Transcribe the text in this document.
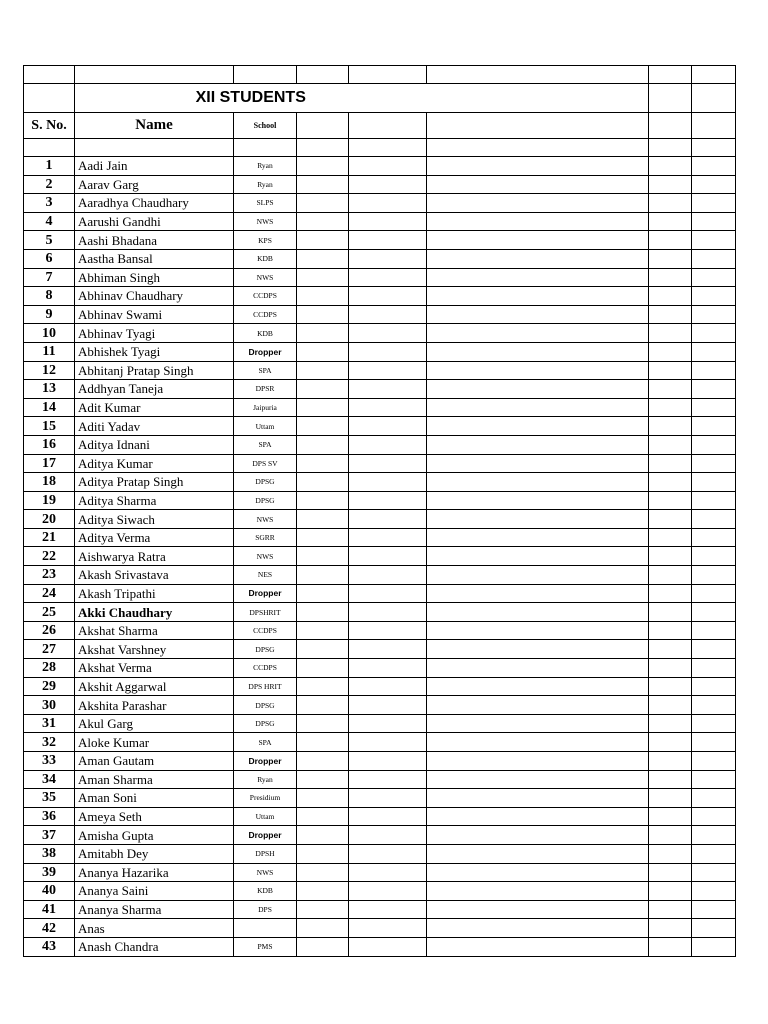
	XII STUDENTS						
S. No.	Name	School					

1	Aadi Jain	Ryan					
2	Aarav Garg	Ryan					
3	Aaradhya Chaudhary	SLPS					
4	Aarushi Gandhi	NWS					
5	Aashi Bhadana	KPS					
6	Aastha Bansal	KDB					
7	Abhiman Singh	NWS					
8	Abhinav Chaudhary	CCDPS					
9	Abhinav Swami	CCDPS					
10	Abhinav Tyagi	KDB					
11	Abhishek Tyagi	Dropper					
12	Abhitanj Pratap Singh	SPA					
13	Addhyan Taneja	DPSR					
14	Adit Kumar	Jaipuria					
15	Aditi Yadav	Uttam					
16	Aditya Idnani	SPA					
17	Aditya Kumar	DPS SV					
18	Aditya Pratap Singh	DPSG					
19	Aditya Sharma	DPSG					
20	Aditya Siwach	NWS					
21	Aditya Verma	SGRR					
22	Aishwarya Ratra	NWS					
23	Akash Srivastava	NES					
24	Akash Tripathi	Dropper					
25	Akki Chaudhary	DPSHRIT					
26	Akshat Sharma	CCDPS					
27	Akshat Varshney	DPSG					
28	Akshat Verma	CCDPS					
29	Akshit Aggarwal	DPS HRIT					
30	Akshita Parashar	DPSG					
31	Akul Garg	DPSG					
32	Aloke Kumar	SPA					
33	Aman Gautam	Dropper					
34	Aman Sharma	Ryan					
35	Aman Soni	Presidium					
36	Ameya Seth	Uttam					
37	Amisha Gupta	Dropper					
38	Amitabh Dey	DPSH					
39	Ananya Hazarika	NWS					
40	Ananya Saini	KDB					
41	Ananya Sharma	DPS					
42	Anas						
43	Anash Chandra	PMS					
